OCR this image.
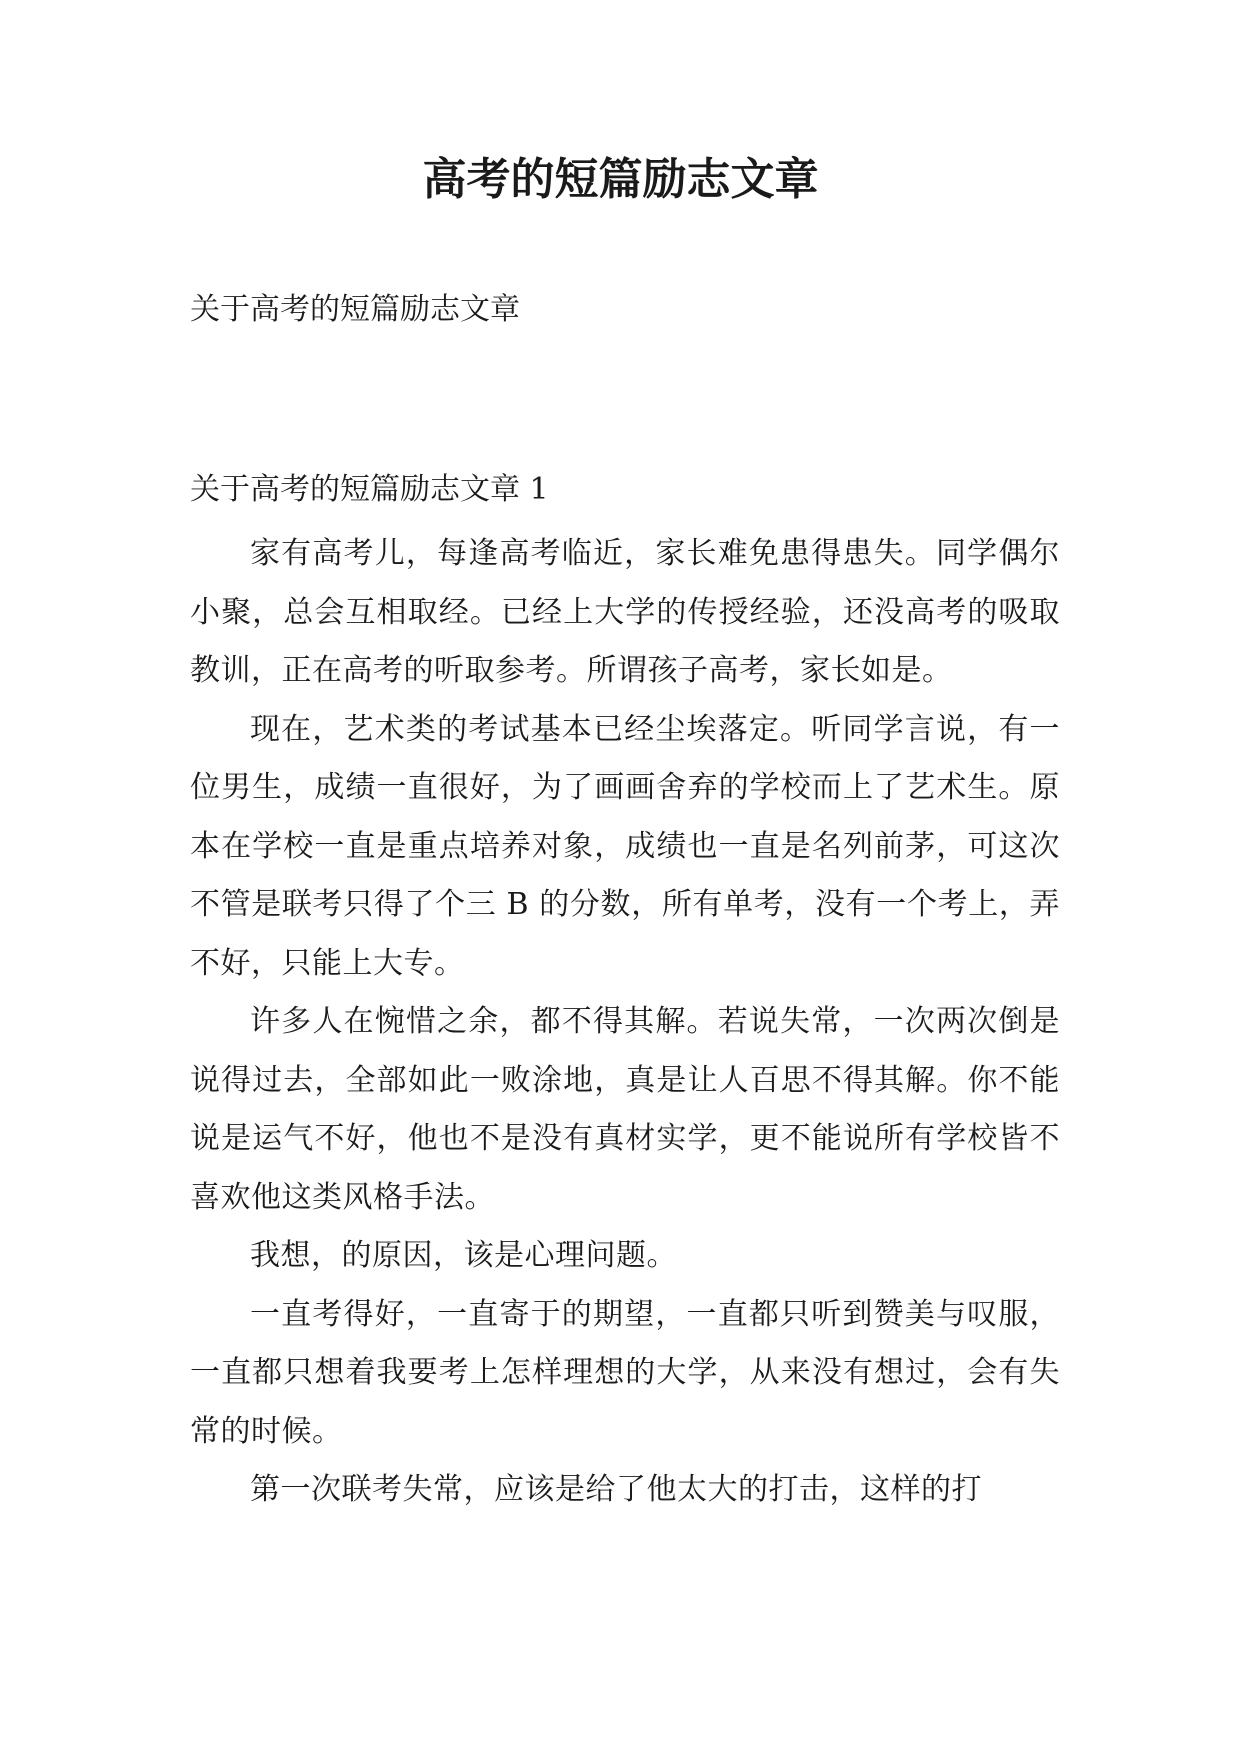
高考的短篇励志文章
关于高考的短篇励志文章
关于高考的短篇励志文章 1

家有高考儿，每逢高考临近，家长难免患得患失。同学偶尔小聚，总会互相取经。已经上大学的传授经验，还没高考的吸取教训，正在高考的听取参考。所谓孩子高考，家长如是。

现在，艺术类的考试基本已经尘埃落定。听同学言说，有一位男生，成绩一直很好，为了画画舍弃的学校而上了艺术生。原本在学校一直是重点培养对象，成绩也一直是名列前茅，可这次不管是联考只得了个三 B 的分数，所有单考，没有一个考上，弄不好，只能上大专。

许多人在惋惜之余，都不得其解。若说失常，一次两次倒是说得过去，全部如此一败涂地，真是让人百思不得其解。你不能说是运气不好，他也不是没有真材实学，更不能说所有学校皆不喜欢他这类风格手法。

我想，的原因，该是心理问题。

一直考得好，一直寄于的期望，一直都只听到赞美与叹服，一直都只想着我要考上怎样理想的大学，从来没有想过，会有失常的时候。

第一次联考失常，应该是给了他太大的打击，这样的打
